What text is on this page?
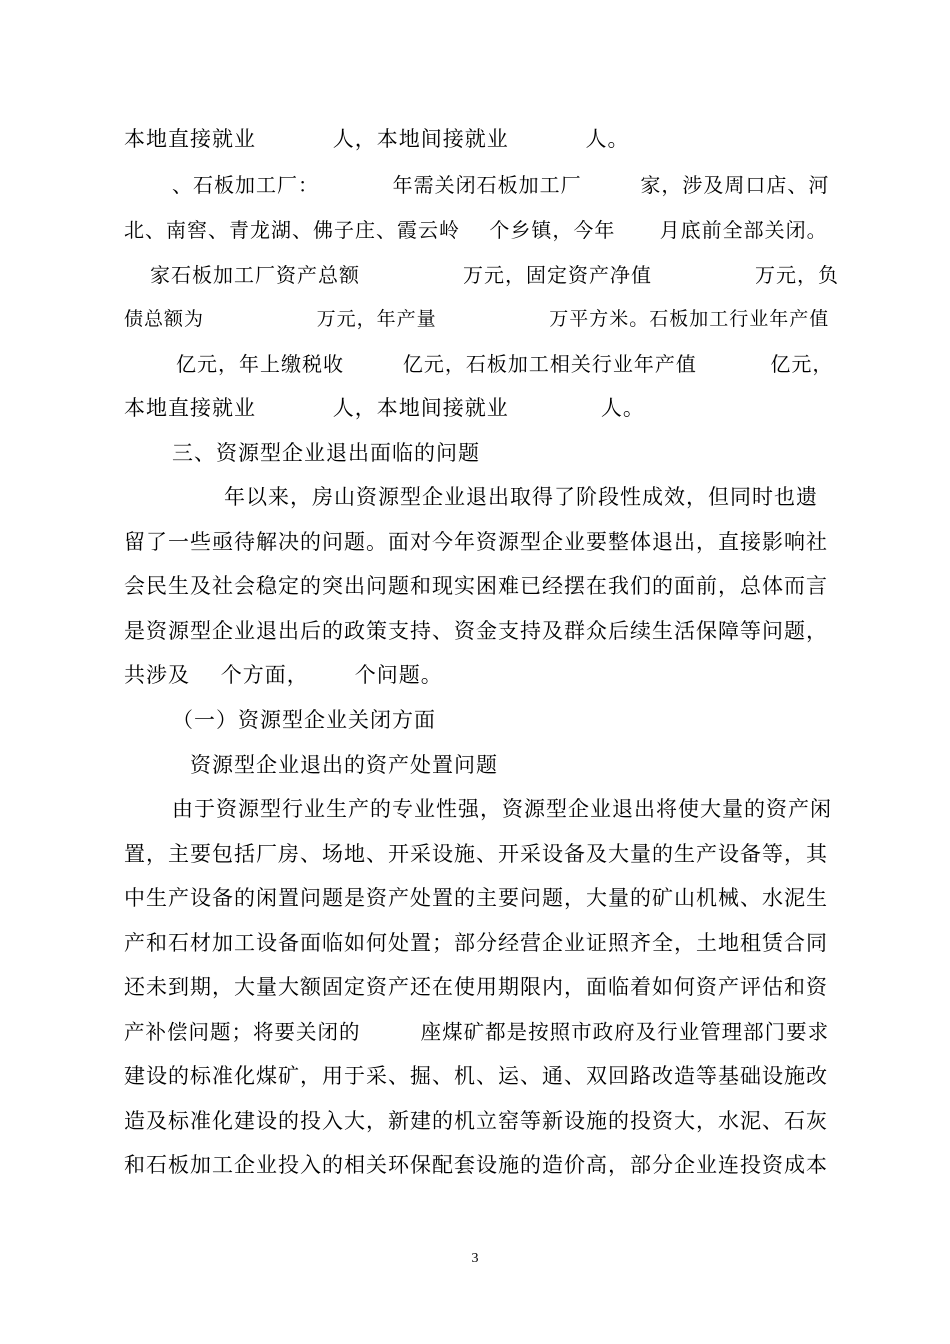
本地直接就业          人，本地间接就业          人。
、石板加工厂：          年需关闭石板加工厂        家，涉及周口店、河
北、南窖、青龙湖、佛子庄、霞云岭    个乡镇，今年      月底前全部关闭。
家石板加工厂资产总额              万元，固定资产净值              万元，负
债总额为                万元，年产量                万平方米。石板加工行业年产值
亿元，年上缴税收        亿元，石板加工相关行业年产值          亿元，
本地直接就业          人，本地间接就业            人。
三、资源型企业退出面临的问题
年以来，房山资源型企业退出取得了阶段性成效，但同时也遗
留了一些亟待解决的问题。面对今年资源型企业要整体退出，直接影响社
会民生及社会稳定的突出问题和现实困难已经摆在我们的面前，总体而言
是资源型企业退出后的政策支持、资金支持及群众后续生活保障等问题，
共涉及    个方面，      个问题。
（一）资源型企业关闭方面
资源型企业退出的资产处置问题
由于资源型行业生产的专业性强，资源型企业退出将使大量的资产闲
置，主要包括厂房、场地、开采设施、开采设备及大量的生产设备等，其
中生产设备的闲置问题是资产处置的主要问题，大量的矿山机械、水泥生
产和石材加工设备面临如何处置；部分经营企业证照齐全，土地租赁合同
还未到期，大量大额固定资产还在使用期限内，面临着如何资产评估和资
产补偿问题；将要关闭的        座煤矿都是按照市政府及行业管理部门要求
建设的标准化煤矿，用于采、掘、机、运、通、双回路改造等基础设施改
造及标准化建设的投入大，新建的机立窑等新设施的投资大，水泥、石灰
和石板加工企业投入的相关环保配套设施的造价高，部分企业连投资成本
3
